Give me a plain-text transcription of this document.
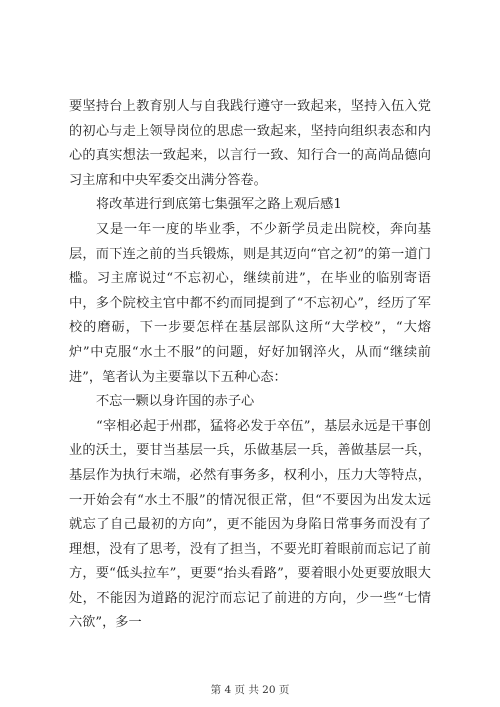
要坚持台上教育别人与自我践行遵守一致起来，坚持入伍入党的初心与走上领导岗位的思虑一致起来，坚持向组织表态和内心的真实想法一致起来，以言行一致、知行合一的高尚品德向习主席和中央军委交出满分答卷。

将改革进行到底第七集强军之路上观后感1

又是一年一度的毕业季，不少新学员走出院校，奔向基层，而下连之前的当兵锻炼，则是其迈向“官之初”的第一道门槛。习主席说过“不忘初心，继续前进”，在毕业的临别寄语中，多个院校主官中都不约而同提到了“不忘初心”，经历了军校的磨砺，下一步要怎样在基层部队这所“大学校”，“大熔炉”中克服“水土不服”的问题，好好加钢淬火，从而“继续前进”，笔者认为主要靠以下五种心态：

不忘一颗以身许国的赤子心

“宰相必起于州郡，猛将必发于卒伍”，基层永远是干事创业的沃土，要甘当基层一兵，乐做基层一兵，善做基层一兵，基层作为执行末端，必然有事务多，权利小，压力大等特点，一开始会有“水土不服”的情况很正常，但“不要因为出发太远就忘了自己最初的方向”，更不能因为身陷日常事务而没有了理想，没有了思考，没有了担当，不要光盯着眼前而忘记了前方，要“低头拉车”，更要“抬头看路”，要着眼小处更要放眼大处，不能因为道路的泥泞而忘记了前进的方向，少一些“七情六欲”，多一

第 4 页 共 20 页
